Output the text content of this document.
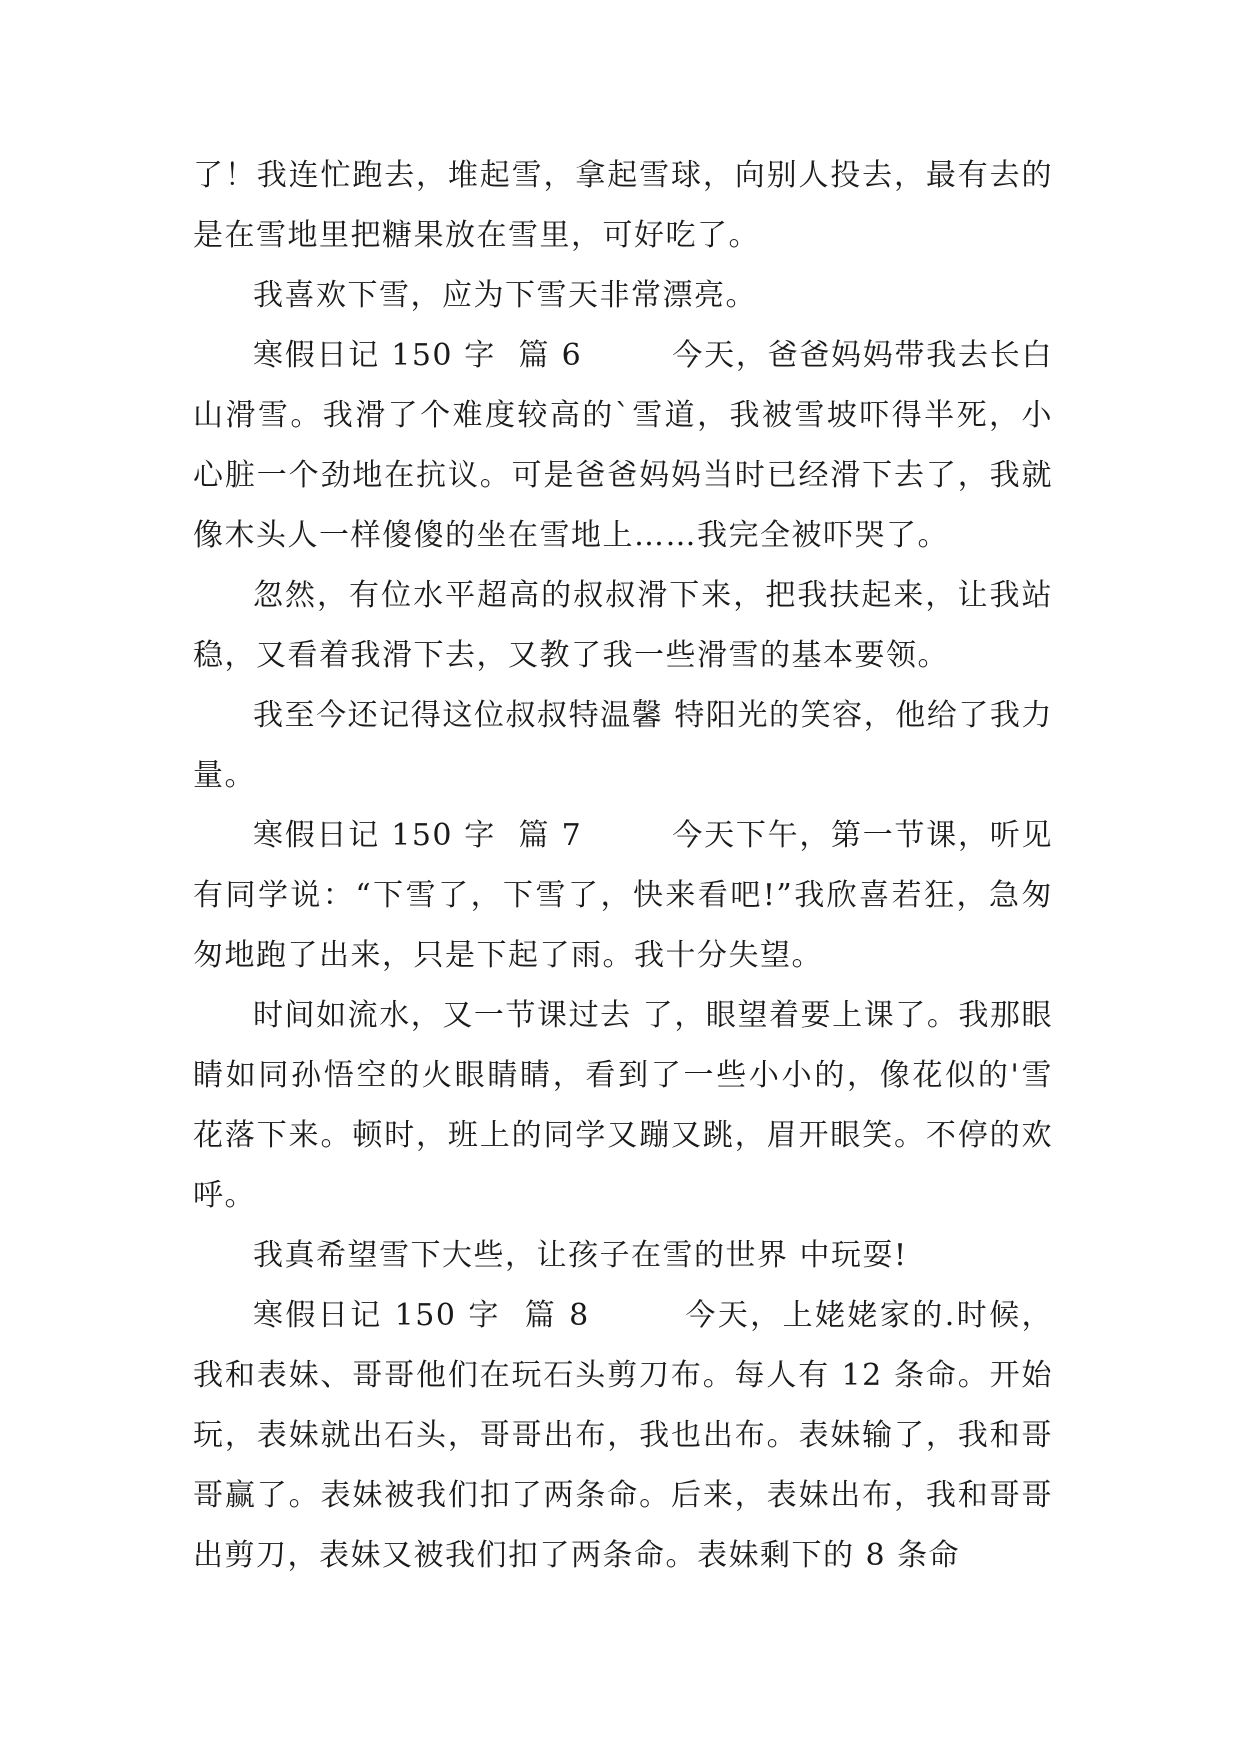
了！我连忙跑去，堆起雪，拿起雪球，向别人投去，最有去的是在雪地里把糖果放在雪里，可好吃了。

我喜欢下雪，应为下雪天非常漂亮。

寒假日记 150 字  篇 6        今天，爸爸妈妈带我去长白山滑雪。我滑了个难度较高的`雪道，我被雪坡吓得半死，小心脏一个劲地在抗议。可是爸爸妈妈当时已经滑下去了，我就像木头人一样傻傻的坐在雪地上……我完全被吓哭了。

忽然，有位水平超高的叔叔滑下来，把我扶起来，让我站稳，又看着我滑下去，又教了我一些滑雪的基本要领。

我至今还记得这位叔叔特温馨 特阳光的笑容，他给了我力量。

寒假日记 150 字  篇 7        今天下午，第一节课，听见有同学说：“下雪了，下雪了，快来看吧!”我欣喜若狂，急匆匆地跑了出来，只是下起了雨。我十分失望。

时间如流水，又一节课过去 了，眼望着要上课了。我那眼睛如同孙悟空的火眼睛睛，看到了一些小小的，像花似的'雪花落下来。顿时，班上的同学又蹦又跳，眉开眼笑。不停的欢呼。

我真希望雪下大些，让孩子在雪的世界 中玩耍!

寒假日记 150 字  篇 8        今天，上姥姥家的.时候，我和表妹、哥哥他们在玩石头剪刀布。每人有 12 条命。开始玩，表妹就出石头，哥哥出布，我也出布。表妹输了，我和哥哥赢了。表妹被我们扣了两条命。后来，表妹出布，我和哥哥出剪刀，表妹又被我们扣了两条命。表妹剩下的 8 条命
